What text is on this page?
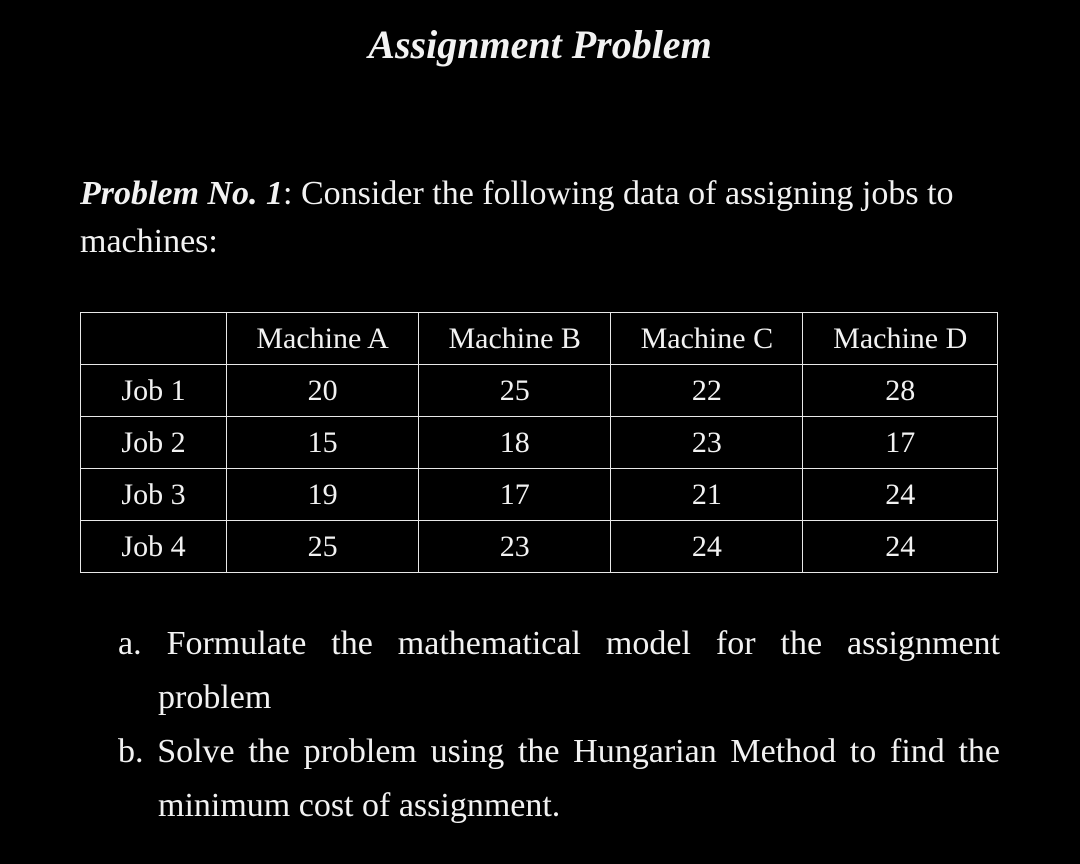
Assignment Problem
Problem No. 1: Consider the following data of assigning jobs to machines:
	Machine A	Machine B	Machine C	Machine D
Job 1	20	25	22	28
Job 2	15	18	23	17
Job 3	19	17	21	24
Job 4	25	23	24	24
a. Formulate the mathematical model for the assignment problem
b. Solve the problem using the Hungarian Method to find the minimum cost of assignment.
